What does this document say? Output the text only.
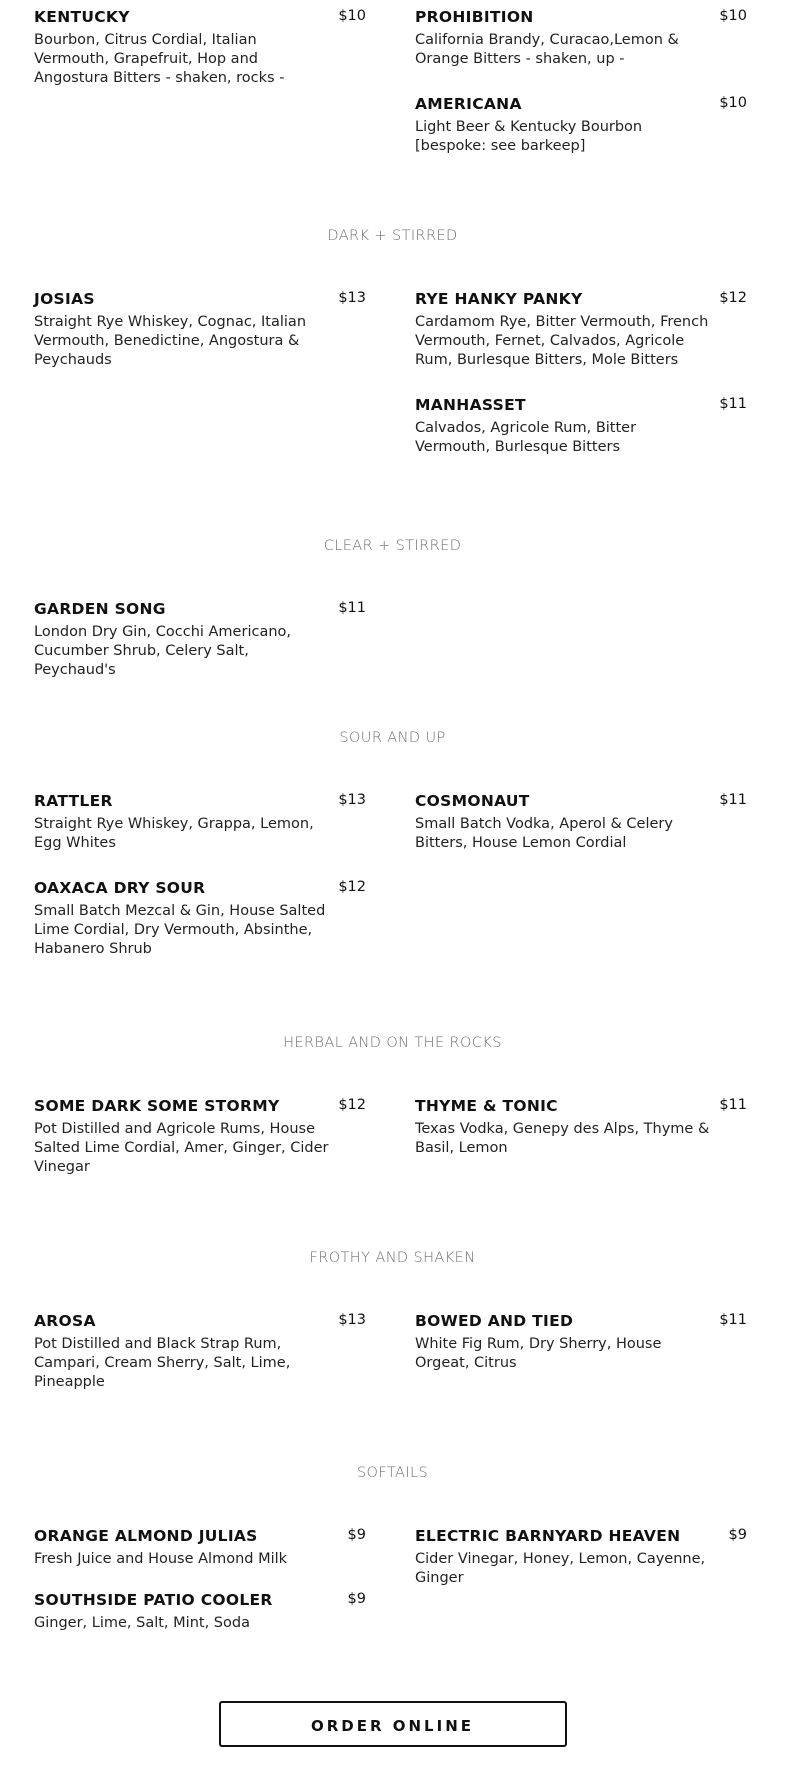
KENTUCKY	$10

Bourbon, Citrus Cordial, Italian Vermouth, Grapefruit, Hop and Angostura Bitters - shaken, rocks -

PROHIBITION	$10

California Brandy, Curacao,Lemon & Orange Bitters - shaken, up -

AMERICANA	$10

Light Beer & Kentucky Bourbon [bespoke: see barkeep]

DARK + STIRRED

JOSIAS	$13

Straight Rye Whiskey, Cognac, Italian Vermouth, Benedictine, Angostura & Peychauds

RYE HANKY PANKY	$12

Cardamom Rye, Bitter Vermouth, French Vermouth, Fernet, Calvados, Agricole Rum, Burlesque Bitters, Mole Bitters

MANHASSET	$11

Calvados, Agricole Rum, Bitter Vermouth, Burlesque Bitters

CLEAR + STIRRED

GARDEN SONG	$11

London Dry Gin, Cocchi Americano, Cucumber Shrub, Celery Salt, Peychaud's

SOUR AND UP

RATTLER	$13

Straight Rye Whiskey, Grappa, Lemon, Egg Whites

OAXACA DRY SOUR	$12

Small Batch Mezcal & Gin, House Salted Lime Cordial, Dry Vermouth, Absinthe, Habanero Shrub

COSMONAUT	$11

Small Batch Vodka, Aperol & Celery Bitters, House Lemon Cordial

HERBAL AND ON THE ROCKS

SOME DARK SOME STORMY	$12

Pot Distilled and Agricole Rums, House Salted Lime Cordial, Amer, Ginger, Cider Vinegar

THYME & TONIC	$11

Texas Vodka, Genepy des Alps, Thyme & Basil, Lemon

FROTHY AND SHAKEN

AROSA	$13

Pot Distilled and Black Strap Rum, Campari, Cream Sherry, Salt, Lime, Pineapple

BOWED AND TIED	$11

White Fig Rum, Dry Sherry, House Orgeat, Citrus

SOFTAILS

ORANGE ALMOND JULIAS	$9

Fresh Juice and House Almond Milk

SOUTHSIDE PATIO COOLER	$9

Ginger, Lime, Salt, Mint, Soda

ELECTRIC BARNYARD HEAVEN	$9

Cider Vinegar, Honey, Lemon, Cayenne, Ginger

ORDER ONLINE
